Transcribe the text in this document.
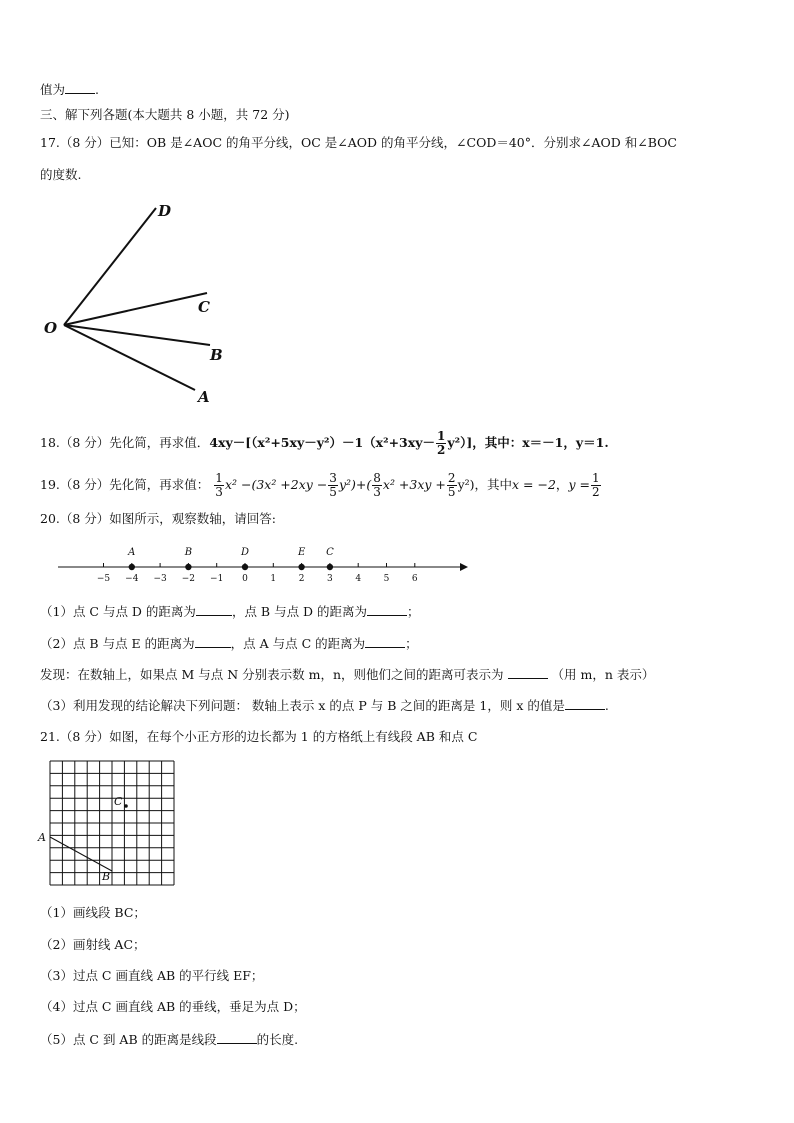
值为 .
三、解下列各题(本大题共 8 小题，共 72 分)
17.（8 分）已知：OB 是∠AOC 的角平分线，OC 是∠AOD 的角平分线，∠COD＝40°．分别求∠AOD 和∠BOC
的度数.
D
C
O
B
A
18.（8 分）先化简，再求值．$4xy-[(x^2+5xy-y^2)-1(x^2+3xy- \frac{1}{2} y^2)]$，其中：x＝－1，y＝1.
19.（8 分）先化简，再求值： $\frac{1}{3} x^2 -(3x^2 +2xy - \frac{3}{5} y^2)+( \frac{8}{3} x^2 +3xy + \frac{2}{5} y^2)$，其中x = −2，$y = \frac{1}{2}$
20.（8 分）如图所示，观察数轴，请回答:
−5 −4 −3 −2 −1 0	1	2	3	4	5	6
A	B	D	E C
（1）点 C 与点 D 的距离为	，点 B 与点 D 的距离为	；
（2）点 B 与点 E 的距离为	，点 A 与点 C 的距离为	；
发现：在数轴上，如果点 M 与点 N 分别表示数 m，n，则他们之间的距离可表示为	（用 m，n 表示）
（3）利用发现的结论解决下列问题： 数轴上表示 x 的点 P 与 B 之间的距离是 1，则 x 的值是	.
21.（8 分）如图，在每个小正方形的边长都为 1 的方格纸上有线段 AB 和点 C
A
B
C
（1）画线段 BC；
（2）画射线 AC；
（3）过点 C 画直线 AB 的平行线 EF；
（4）过点 C 画直线 AB 的垂线，垂足为点 D；
（5）点 C 到 AB 的距离是线段	的长度.
